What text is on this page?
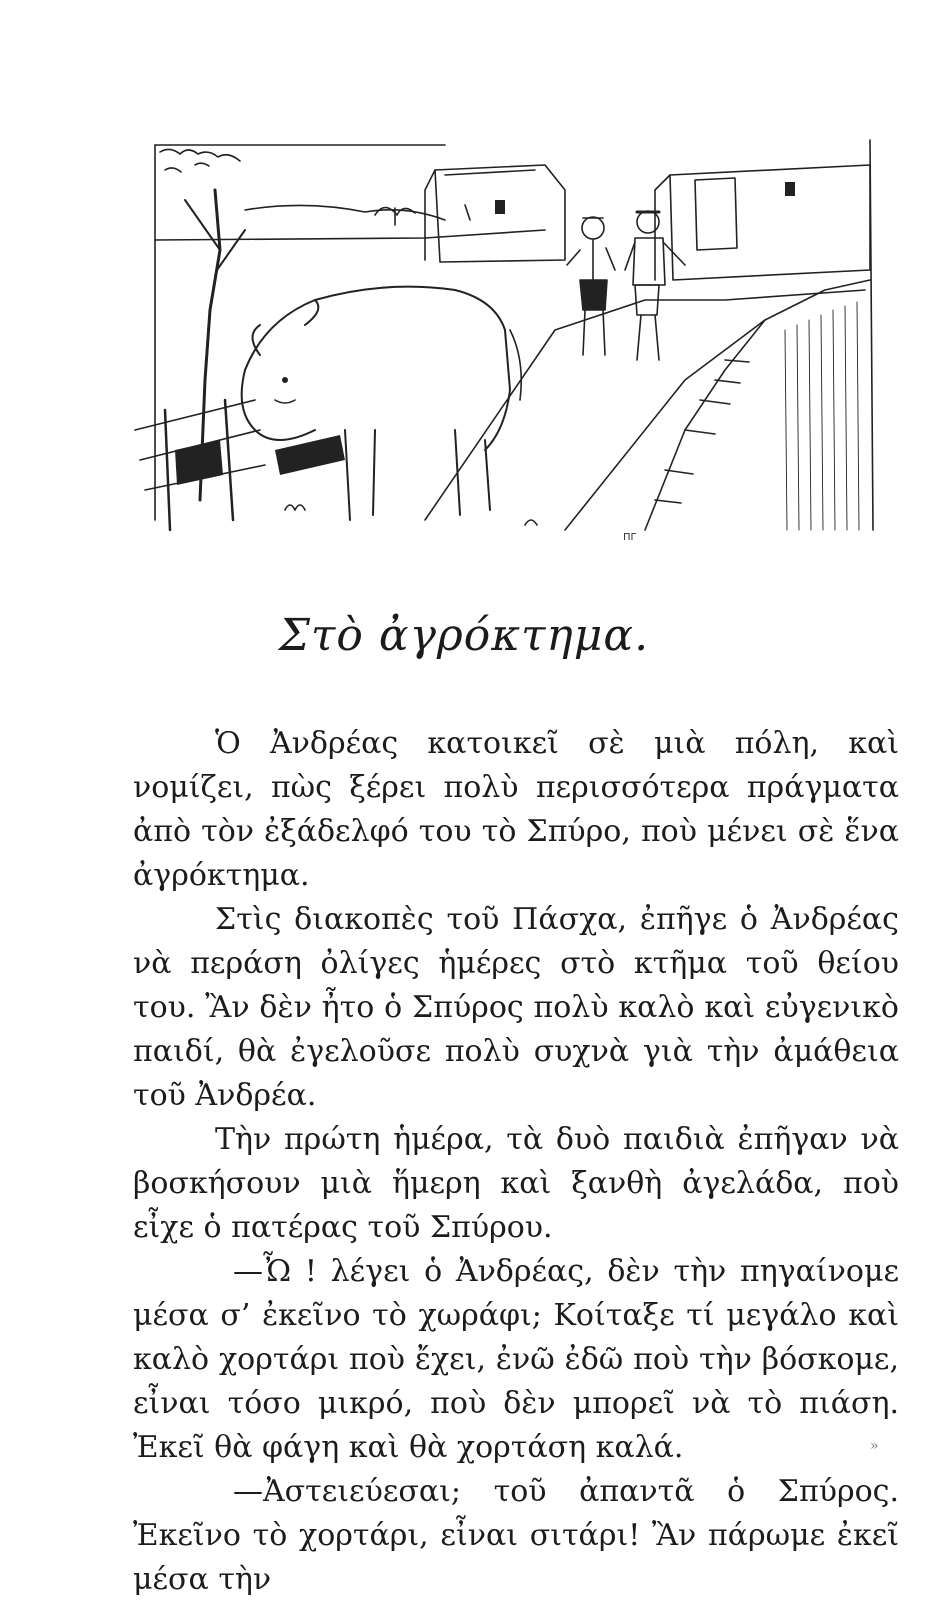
ΠΓ
Στὸ ἀγρόκτημα.

Ὁ Ἀνδρέας κατοικεῖ σὲ μιὰ πόλη, καὶ νομίζει, πὼς ξέρει πολὺ περισσότερα πράγματα ἀπὸ τὸν ἐξάδελφό του τὸ Σπύρο, ποὺ μένει σὲ ἕνα ἀγρόκτημα.

Στὶς διακοπὲς τοῦ Πάσχα, ἐπῆγε ὁ Ἀνδρέας νὰ περάση ὀλίγες ἡμέρες στὸ κτῆμα τοῦ θείου του. Ἂν δὲν ἦτο ὁ Σπύρος πολὺ καλὸ καὶ εὐγενικὸ παιδί, θὰ ἐγελοῦσε πολὺ συχνὰ γιὰ τὴν ἀμάθεια τοῦ Ἀνδρέα.

Τὴν πρώτη ἡμέρα, τὰ δυὸ παιδιὰ ἐπῆγαν νὰ βοσκήσουν μιὰ ἥμερη καὶ ξανθὴ ἀγελάδα, ποὺ εἶχε ὁ πατέρας τοῦ Σπύρου.

—Ὦ ! λέγει ὁ Ἀνδρέας, δὲν τὴν πηγαίνομε μέσα σ’ ἐκεῖνο τὸ χωράφι; Κοίταξε τί μεγάλο καὶ καλὸ χορτάρι ποὺ ἔχει, ἐνῶ ἐδῶ ποὺ τὴν βόσκομε, εἶναι τόσο μικρό, ποὺ δὲν μπορεῖ νὰ τὸ πιάση. Ἐκεῖ θὰ φάγη καὶ θὰ χορτάση καλά.

—Ἀστειεύεσαι; τοῦ ἀπαντᾶ ὁ Σπύρος. Ἐκεῖνο τὸ χορτάρι, εἶναι σιτάρι! Ἂν πάρωμε ἐκεῖ μέσα τὴν

»
